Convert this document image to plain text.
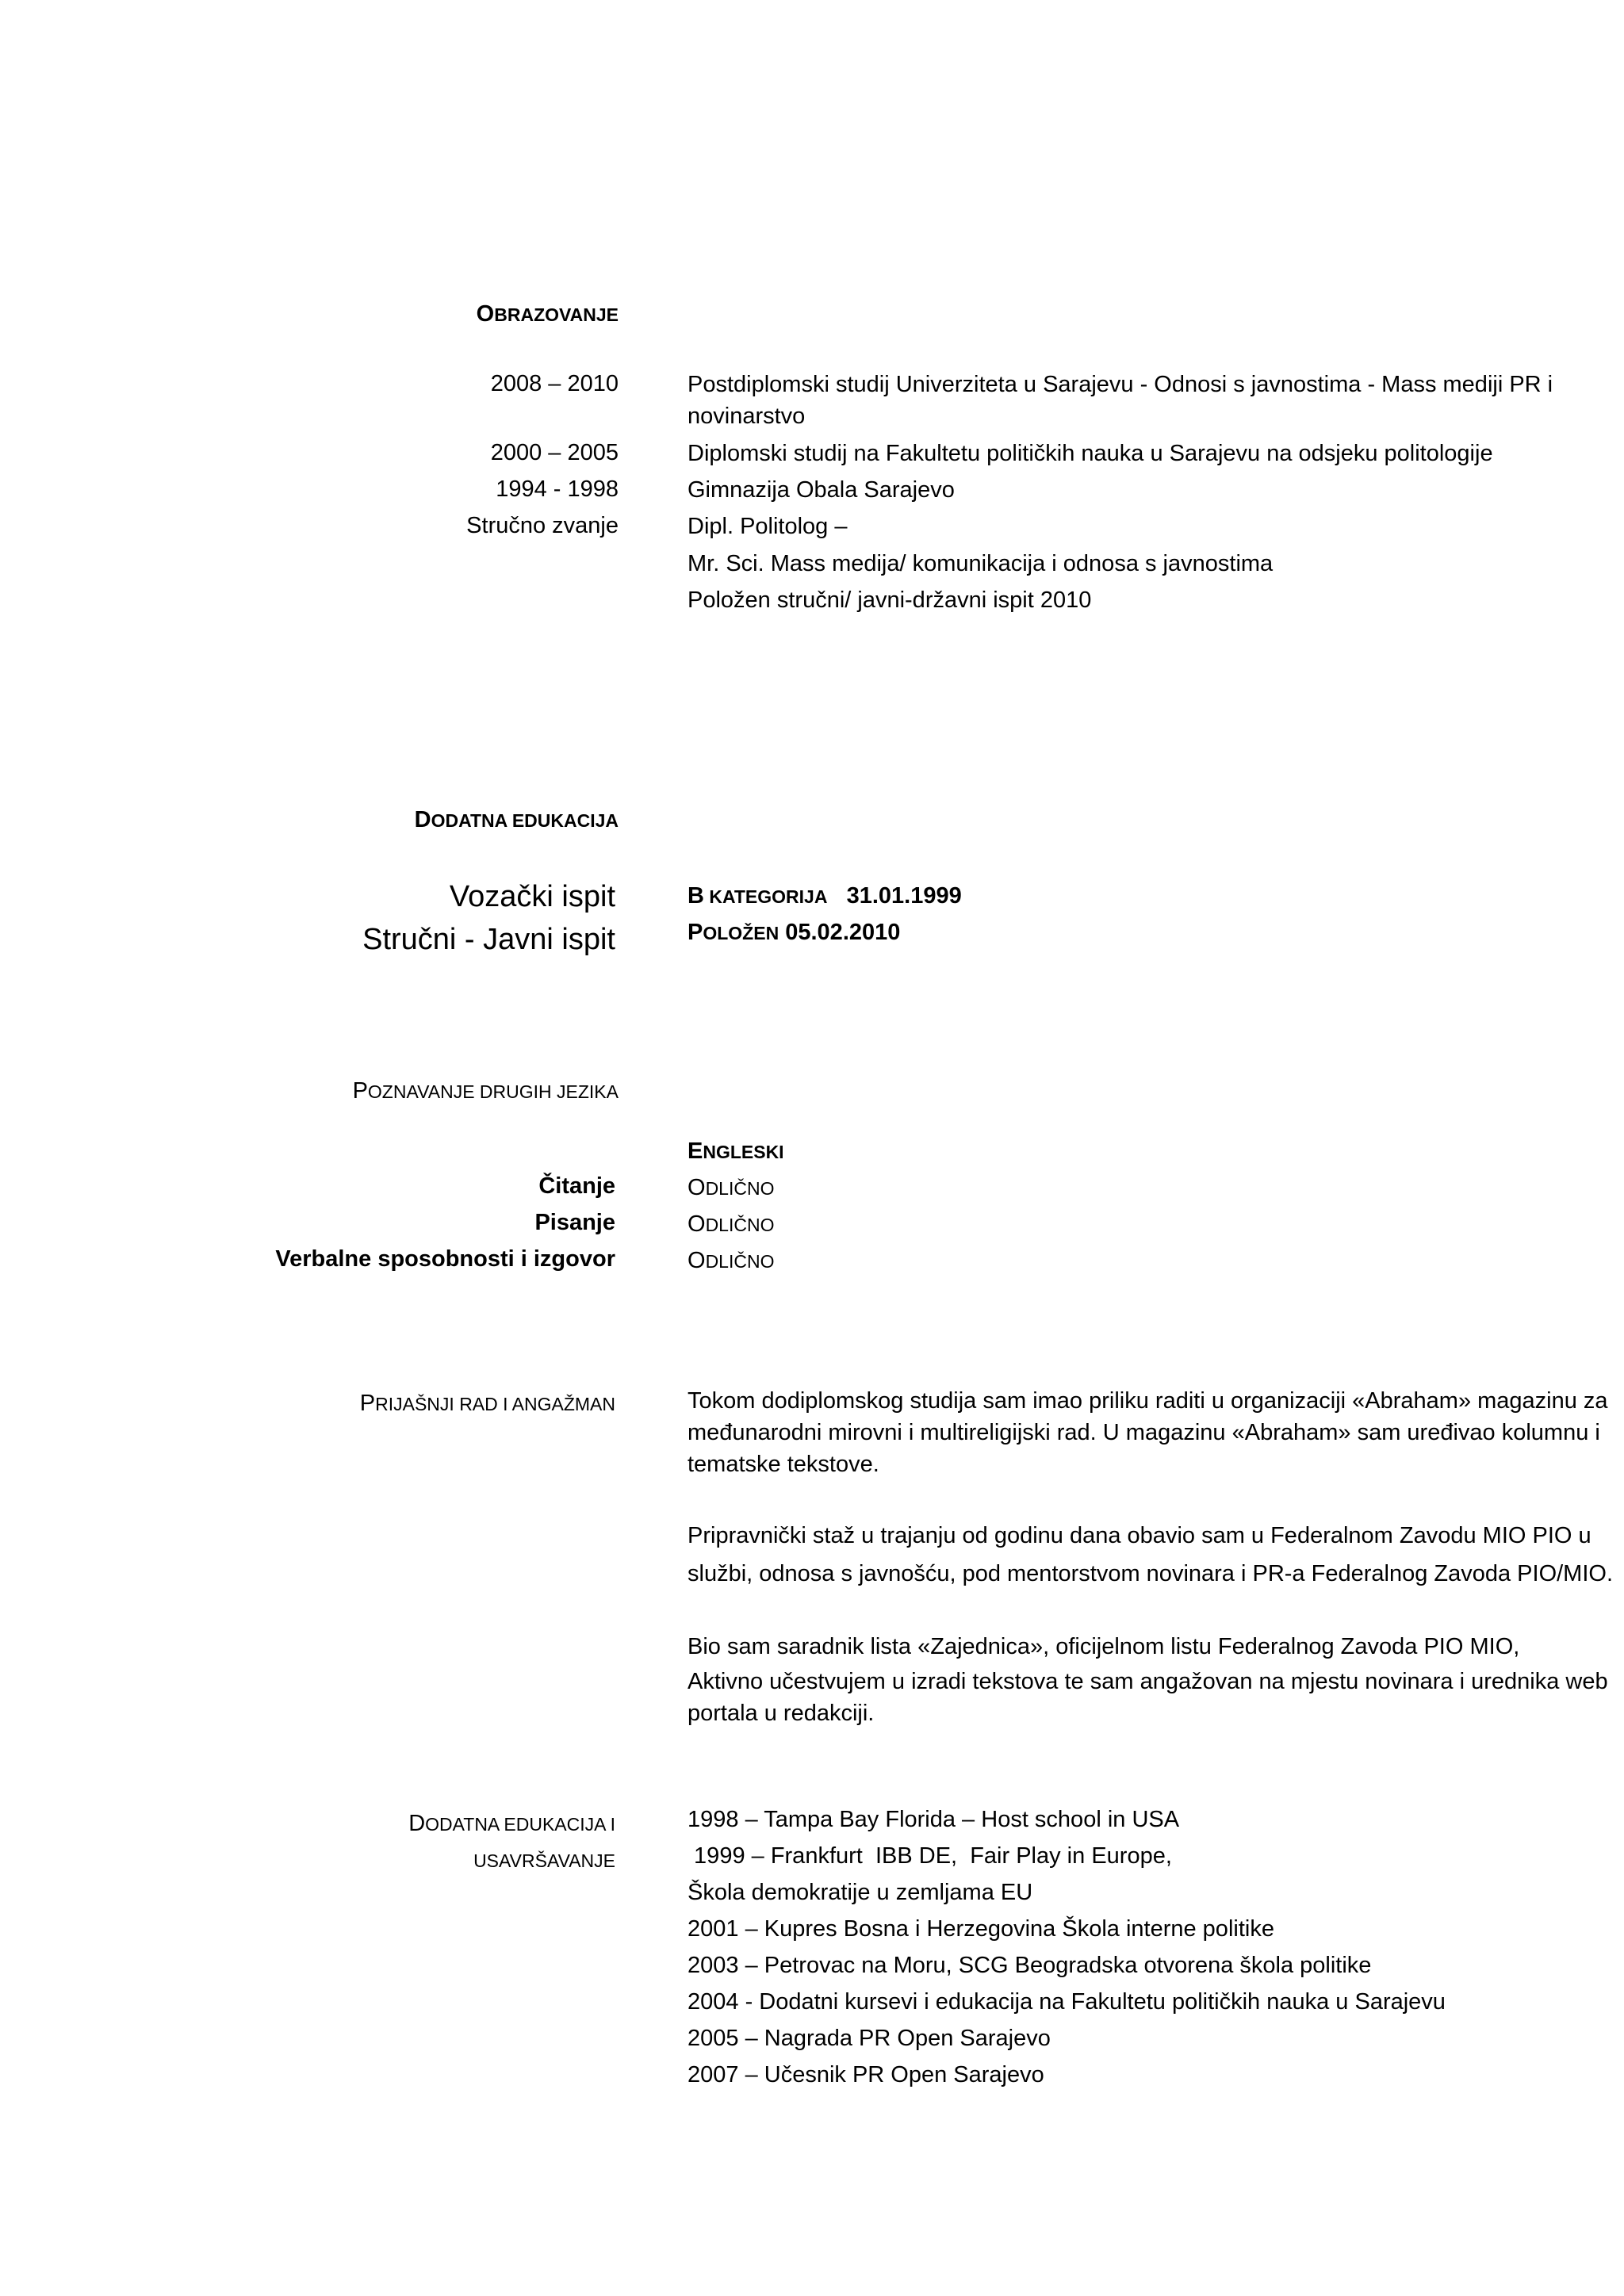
OBRAZOVANJE
2008 – 2010	Postdiplomski studij Univerziteta u Sarajevu - Odnosi s javnostima - Mass mediji PR i
novinarstvo
2000 – 2005	Diplomski studij na Fakultetu političkih nauka u Sarajevu na odsjeku politologije
1994 - 1998	Gimnazija Obala Sarajevo
Stručno zvanje	Dipl. Politolog –
Mr. Sci. Mass medija/ komunikacija i odnosa s javnostima
Položen stručni/ javni-državni ispit 2010
DODATNA EDUKACIJA
Vozački ispit	B KATEGORIJA   31.01.1999
Stručni - Javni ispit	POLOŽEN 05.02.2010
POZNAVANJE DRUGIH JEZIKA
ENGLESKI
Čitanje	ODLIČNO
Pisanje	ODLIČNO
Verbalne sposobnosti i izgovor	ODLIČNO
PRIJAŠNJI RAD I ANGAŽMAN	Tokom dodiplomskog studija sam imao priliku raditi u organizaciji «Abraham» magazinu za
međunarodni mirovni i multireligijski rad. U magazinu «Abraham» sam uređivao kolumnu i
tematske tekstove.
Pripravnički staž u trajanju od godinu dana obavio sam u Federalnom Zavodu MIO PIO u
službi, odnosa s javnošću, pod mentorstvom novinara i PR-a Federalnog Zavoda PIO/MIO.
Bio sam saradnik lista «Zajednica», oficijelnom listu Federalnog Zavoda PIO MIO,
Aktivno učestvujem u izradi tekstova te sam angažovan na mjestu novinara i urednika web
portala u redakciji.
DODATNA EDUKACIJA I
USAVRŠAVANJE
1998 – Tampa Bay Florida – Host school in USA
1999 – Frankfurt  IBB DE,  Fair Play in Europe,
Škola demokratije u zemljama EU
2001 – Kupres Bosna i Herzegovina Škola interne politike
2003 – Petrovac na Moru, SCG Beogradska otvorena škola politike
2004 - Dodatni kursevi i edukacija na Fakultetu političkih nauka u Sarajevu
2005 – Nagrada PR Open Sarajevo
2007 – Učesnik PR Open Sarajevo
